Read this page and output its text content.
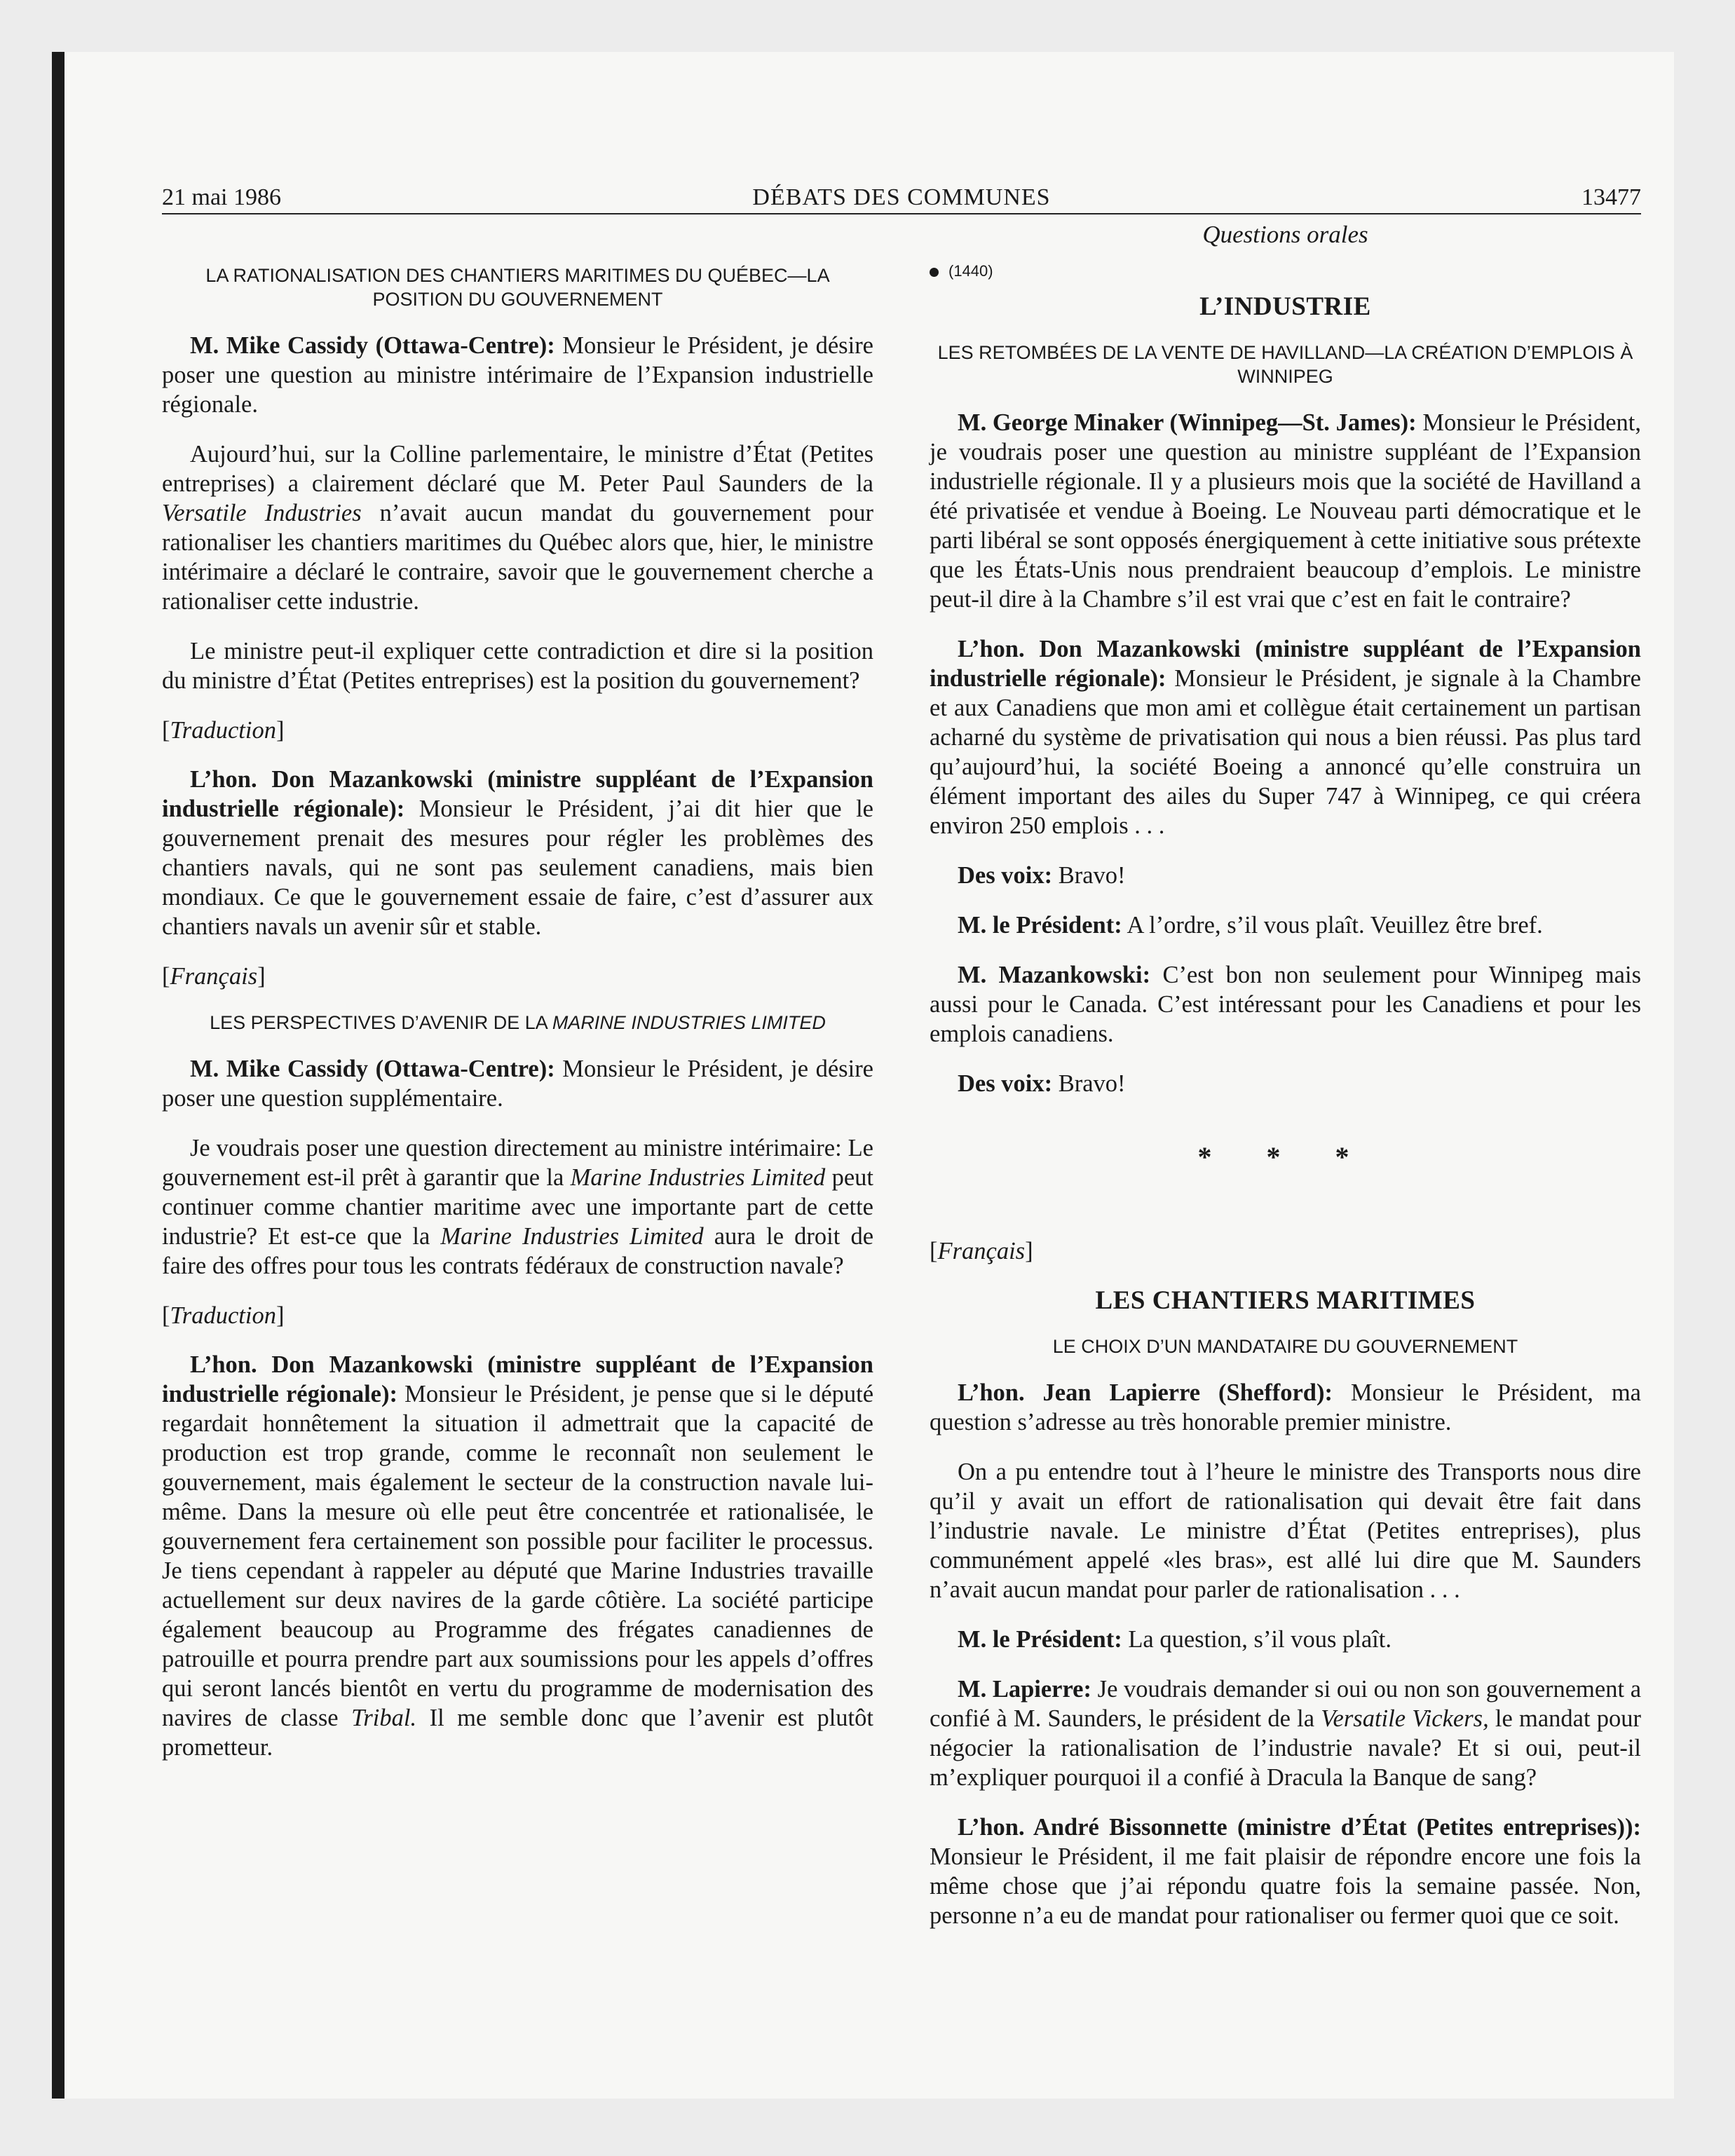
21 mai 1986	DÉBATS DES COMMUNES	13477
LA RATIONALISATION DES CHANTIERS MARITIMES DU QUÉBEC—LA POSITION DU GOUVERNEMENT

M. Mike Cassidy (Ottawa-Centre): Monsieur le Président, je désire poser une question au ministre intérimaire de l’Expansion industrielle régionale.

Aujourd’hui, sur la Colline parlementaire, le ministre d’État (Petites entreprises) a clairement déclaré que M. Peter Paul Saunders de la Versatile Industries n’avait aucun mandat du gouvernement pour rationaliser les chantiers maritimes du Québec alors que, hier, le ministre intérimaire a déclaré le contraire, savoir que le gouvernement cherche a rationaliser cette industrie.

Le ministre peut-il expliquer cette contradiction et dire si la position du ministre d’État (Petites entreprises) est la position du gouvernement?

[Traduction]

L’hon. Don Mazankowski (ministre suppléant de l’Expansion industrielle régionale): Monsieur le Président, j’ai dit hier que le gouvernement prenait des mesures pour régler les problèmes des chantiers navals, qui ne sont pas seulement canadiens, mais bien mondiaux. Ce que le gouvernement essaie de faire, c’est d’assurer aux chantiers navals un avenir sûr et stable.

[Français]
LES PERSPECTIVES D’AVENIR DE LA MARINE INDUSTRIES LIMITED

M. Mike Cassidy (Ottawa-Centre): Monsieur le Président, je désire poser une question supplémentaire.

Je voudrais poser une question directement au ministre intérimaire: Le gouvernement est-il prêt à garantir que la Marine Industries Limited peut continuer comme chantier maritime avec une importante part de cette industrie? Et est-ce que la Marine Industries Limited aura le droit de faire des offres pour tous les contrats fédéraux de construction navale?

[Traduction]

L’hon. Don Mazankowski (ministre suppléant de l’Expansion industrielle régionale): Monsieur le Président, je pense que si le député regardait honnêtement la situation il admettrait que la capacité de production est trop grande, comme le reconnaît non seulement le gouvernement, mais également le secteur de la construction navale lui-même. Dans la mesure où elle peut être concentrée et rationalisée, le gouvernement fera certainement son possible pour faciliter le processus. Je tiens cependant à rappeler au député que Marine Industries travaille actuellement sur deux navires de la garde côtière. La société participe également beaucoup au Programme des frégates canadiennes de patrouille et pourra prendre part aux soumissions pour les appels d’offres qui seront lancés bientôt en vertu du programme de modernisation des navires de classe Tribal. Il me semble donc que l’avenir est plutôt prometteur.

Questions orales
(1440)
L’INDUSTRIE
LES RETOMBÉES DE LA VENTE DE HAVILLAND—LA CRÉATION D’EMPLOIS À WINNIPEG

M. George Minaker (Winnipeg—St. James): Monsieur le Président, je voudrais poser une question au ministre suppléant de l’Expansion industrielle régionale. Il y a plusieurs mois que la société de Havilland a été privatisée et vendue à Boeing. Le Nouveau parti démocratique et le parti libéral se sont opposés énergiquement à cette initiative sous prétexte que les États-Unis nous prendraient beaucoup d’emplois. Le ministre peut-il dire à la Chambre s’il est vrai que c’est en fait le contraire?

L’hon. Don Mazankowski (ministre suppléant de l’Expansion industrielle régionale): Monsieur le Président, je signale à la Chambre et aux Canadiens que mon ami et collègue était certainement un partisan acharné du système de privatisation qui nous a bien réussi. Pas plus tard qu’aujourd’hui, la société Boeing a annoncé qu’elle construira un élément important des ailes du Super 747 à Winnipeg, ce qui créera environ 250 emplois . . .

Des voix: Bravo!

M. le Président: A l’ordre, s’il vous plaît. Veuillez être bref.

M. Mazankowski: C’est bon non seulement pour Winnipeg mais aussi pour le Canada. C’est intéressant pour les Canadiens et pour les emplois canadiens.

Des voix: Bravo!

* * *
[Français]
LES CHANTIERS MARITIMES
LE CHOIX D’UN MANDATAIRE DU GOUVERNEMENT

L’hon. Jean Lapierre (Shefford): Monsieur le Président, ma question s’adresse au très honorable premier ministre.

On a pu entendre tout à l’heure le ministre des Transports nous dire qu’il y avait un effort de rationalisation qui devait être fait dans l’industrie navale. Le ministre d’État (Petites entreprises), plus communément appelé «les bras», est allé lui dire que M. Saunders n’avait aucun mandat pour parler de rationalisation . . .

M. le Président: La question, s’il vous plaît.

M. Lapierre: Je voudrais demander si oui ou non son gouvernement a confié à M. Saunders, le président de la Versatile Vickers, le mandat pour négocier la rationalisation de l’industrie navale? Et si oui, peut-il m’expliquer pourquoi il a confié à Dracula la Banque de sang?

L’hon. André Bissonnette (ministre d’État (Petites entreprises)): Monsieur le Président, il me fait plaisir de répondre encore une fois la même chose que j’ai répondu quatre fois la semaine passée. Non, personne n’a eu de mandat pour rationaliser ou fermer quoi que ce soit.
